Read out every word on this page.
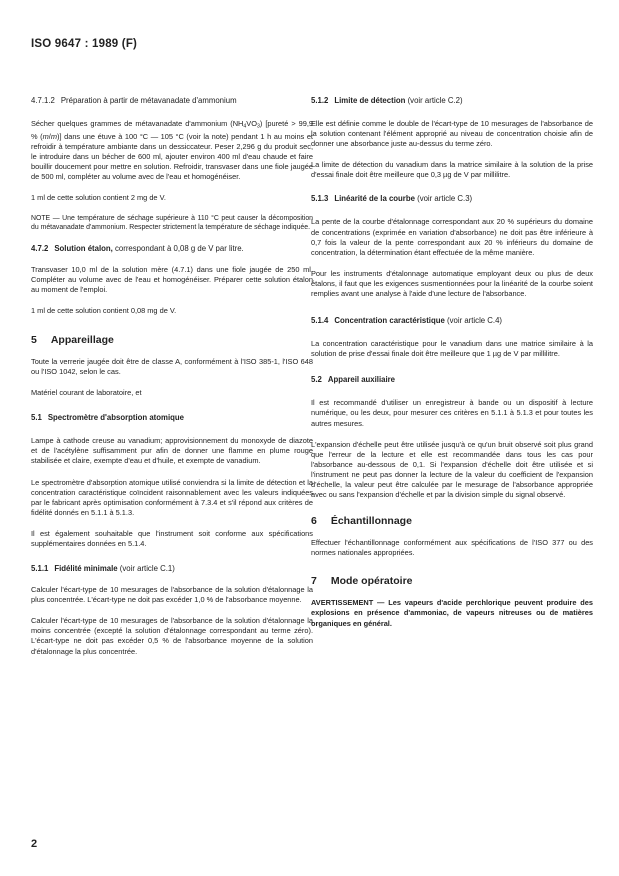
ISO 9647 : 1989 (F)
4.7.1.2 Préparation à partir de métavanadate d'ammonium

Sécher quelques grammes de métavanadate d'ammonium $(NH_4VO_3)$ [pureté > 99,9 % (m/m)] dans une étuve à 100 °C — 105 °C (voir la note) pendant 1 h au moins et refroidir à température ambiante dans un dessiccateur. Peser 2,296 g du produit sec, le introduire dans un bécher de 600 ml, ajouter environ 400 ml d'eau chaude et faire bouillir doucement pour mettre en solution. Refroidir, transvaser dans une fiole jaugée de 500 ml, compléter au volume avec de l'eau et homogénéiser.

1 ml de cette solution contient 2 mg de V.

NOTE — Une température de séchage supérieure à 110 °C peut causer la décomposition du métavanadate d'ammonium. Respecter strictement la température de séchage indiquée.

4.7.2 Solution étalon, correspondant à 0,08 g de V par litre.

Transvaser 10,0 ml de la solution mère (4.7.1) dans une fiole jaugée de 250 ml. Compléter au volume avec de l'eau et homogénéiser. Préparer cette solution étalon au moment de l'emploi.

1 ml de cette solution contient 0,08 mg de V.

5 Appareillage

Toute la verrerie jaugée doit être de classe A, conformément à l'ISO 385-1, l'ISO 648 ou l'ISO 1042, selon le cas.

Matériel courant de laboratoire, et

5.1 Spectromètre d'absorption atomique

Lampe à cathode creuse au vanadium; approvisionnement du monoxyde de diazote et de l'acétylène suffisamment pur afin de donner une flamme en plume rouge stabilisée et claire, exempte d'eau et d'huile, et exempte de vanadium.

Le spectromètre d'absorption atomique utilisé conviendra si la limite de détection et la concentration caractéristique coïncident raisonnablement avec les valeurs indiquées par le fabricant après optimisation conformément à 7.3.4 et s'il répond aux critères de fidélité donnés en 5.1.1 à 5.1.3.

Il est également souhaitable que l'instrument soit conforme aux spécifications supplémentaires données en 5.1.4.

5.1.1 Fidélité minimale (voir article C.1)

Calculer l'écart-type de 10 mesurages de l'absorbance de la solution d'étalonnage la plus concentrée. L'écart-type ne doit pas excéder 1,0 % de l'absorbance moyenne.

Calculer l'écart-type de 10 mesurages de l'absorbance de la solution d'étalonnage la moins concentrée (excepté la solution d'étalonnage correspondant au terme zéro). L'écart-type ne doit pas excéder 0,5 % de l'absorbance moyenne de la solution d'étalonnage la plus concentrée.

5.1.2 Limite de détection (voir article C.2)

Elle est définie comme le double de l'écart-type de 10 mesurages de l'absorbance de la solution contenant l'élément approprié au niveau de concentration choisie afin de donner une absorbance juste au-dessus du terme zéro.

La limite de détection du vanadium dans la matrice similaire à la solution de la prise d'essai finale doit être meilleure que 0,3 µg de V par millilitre.

5.1.3 Linéarité de la courbe (voir article C.3)

La pente de la courbe d'étalonnage correspondant aux 20 % supérieurs du domaine de concentrations (exprimée en variation d'absorbance) ne doit pas être inférieure à 0,7 fois la valeur de la pente correspondant aux 20 % inférieurs du domaine de concentration, la détermination étant effectuée de la même manière.

Pour les instruments d'étalonnage automatique employant deux ou plus de deux étalons, il faut que les exigences susmentionnées pour la linéarité de la courbe soient remplies avant une analyse à l'aide d'une lecture de l'absorbance.

5.1.4 Concentration caractéristique (voir article C.4)

La concentration caractéristique pour le vanadium dans une matrice similaire à la solution de prise d'essai finale doit être meilleure que 1 µg de V par millilitre.

5.2 Appareil auxiliaire

Il est recommandé d'utiliser un enregistreur à bande ou un dispositif à lecture numérique, ou les deux, pour mesurer ces critères en 5.1.1 à 5.1.3 et pour toutes les autres mesures.

L'expansion d'échelle peut être utilisée jusqu'à ce qu'un bruit observé soit plus grand que l'erreur de la lecture et elle est recommandée dans tous les cas pour l'absorbance au-dessous de 0,1. Si l'expansion d'échelle doit être utilisée et si l'instrument ne peut pas donner la lecture de la valeur du coefficient de l'expansion d'échelle, la valeur peut être calculée par le mesurage de l'absorbance appropriée avec ou sans l'expansion d'échelle et par la division simple du signal observé.

6 Échantillonnage

Effectuer l'échantillonnage conformément aux spécifications de l'ISO 377 ou des normes nationales appropriées.

7 Mode opératoire

AVERTISSEMENT — Les vapeurs d'acide perchlorique peuvent produire des explosions en présence d'ammoniac, de vapeurs nitreuses ou de matières organiques en général.

2
